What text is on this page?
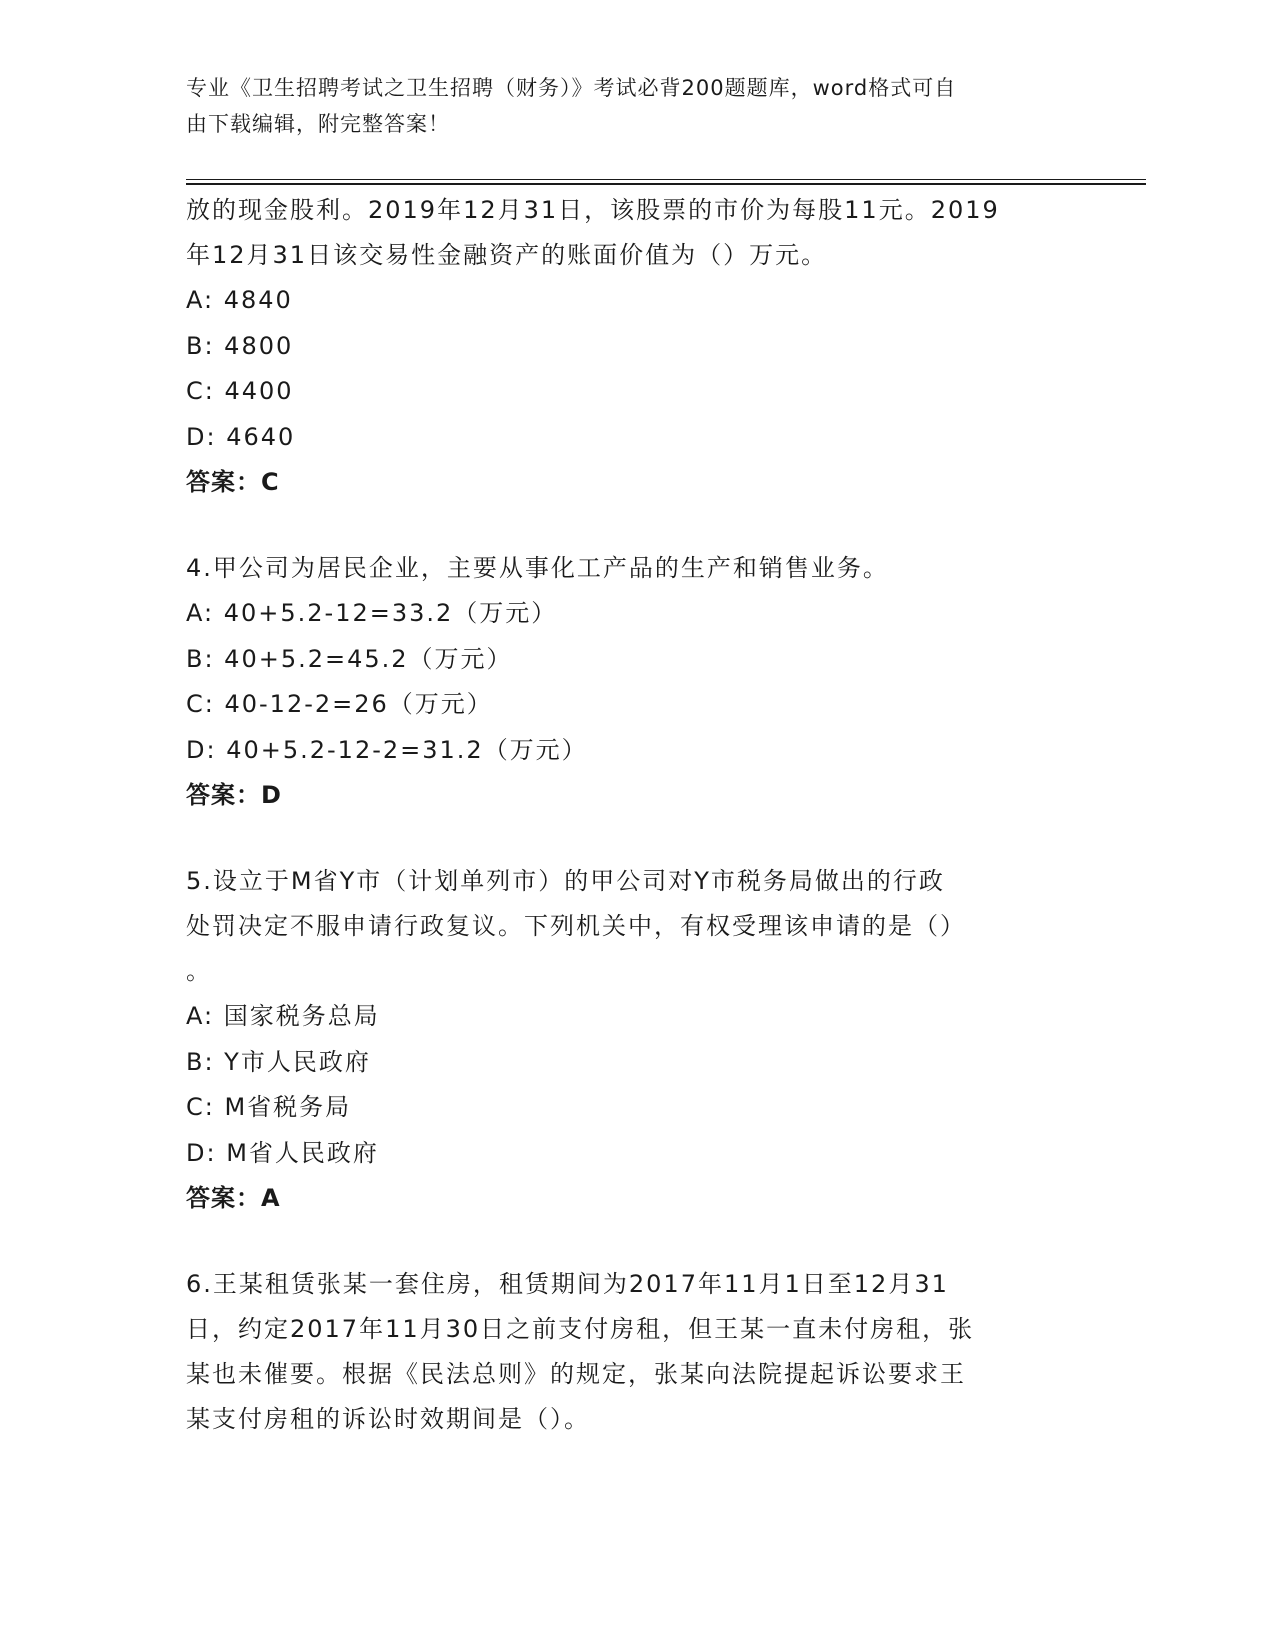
专业《卫生招聘考试之卫生招聘（财务）》考试必背200题题库，word格式可自
由下载编辑，附完整答案！

放的现金股利。2019年12月31日，该股票的市价为每股11元。2019

年12月31日该交易性金融资产的账面价值为（）万元。

A: 4840

B: 4800

C: 4400

D: 4640

答案：C

4.甲公司为居民企业，主要从事化工产品的生产和销售业务。

A: 40+5.2-12=33.2（万元）

B: 40+5.2=45.2（万元）

C: 40-12-2=26（万元）

D: 40+5.2-12-2=31.2（万元）

答案：D

5.设立于M省Y市（计划单列市）的甲公司对Y市税务局做出的行政

处罚决定不服申请行政复议。下列机关中，有权受理该申请的是（）

。

A: 国家税务总局

B: Y市人民政府

C: M省税务局

D: M省人民政府

答案：A

6.王某租赁张某一套住房，租赁期间为2017年11月1日至12月31

日，约定2017年11月30日之前支付房租，但王某一直未付房租，张

某也未催要。根据《民法总则》的规定，张某向法院提起诉讼要求王

某支付房租的诉讼时效期间是（）。
